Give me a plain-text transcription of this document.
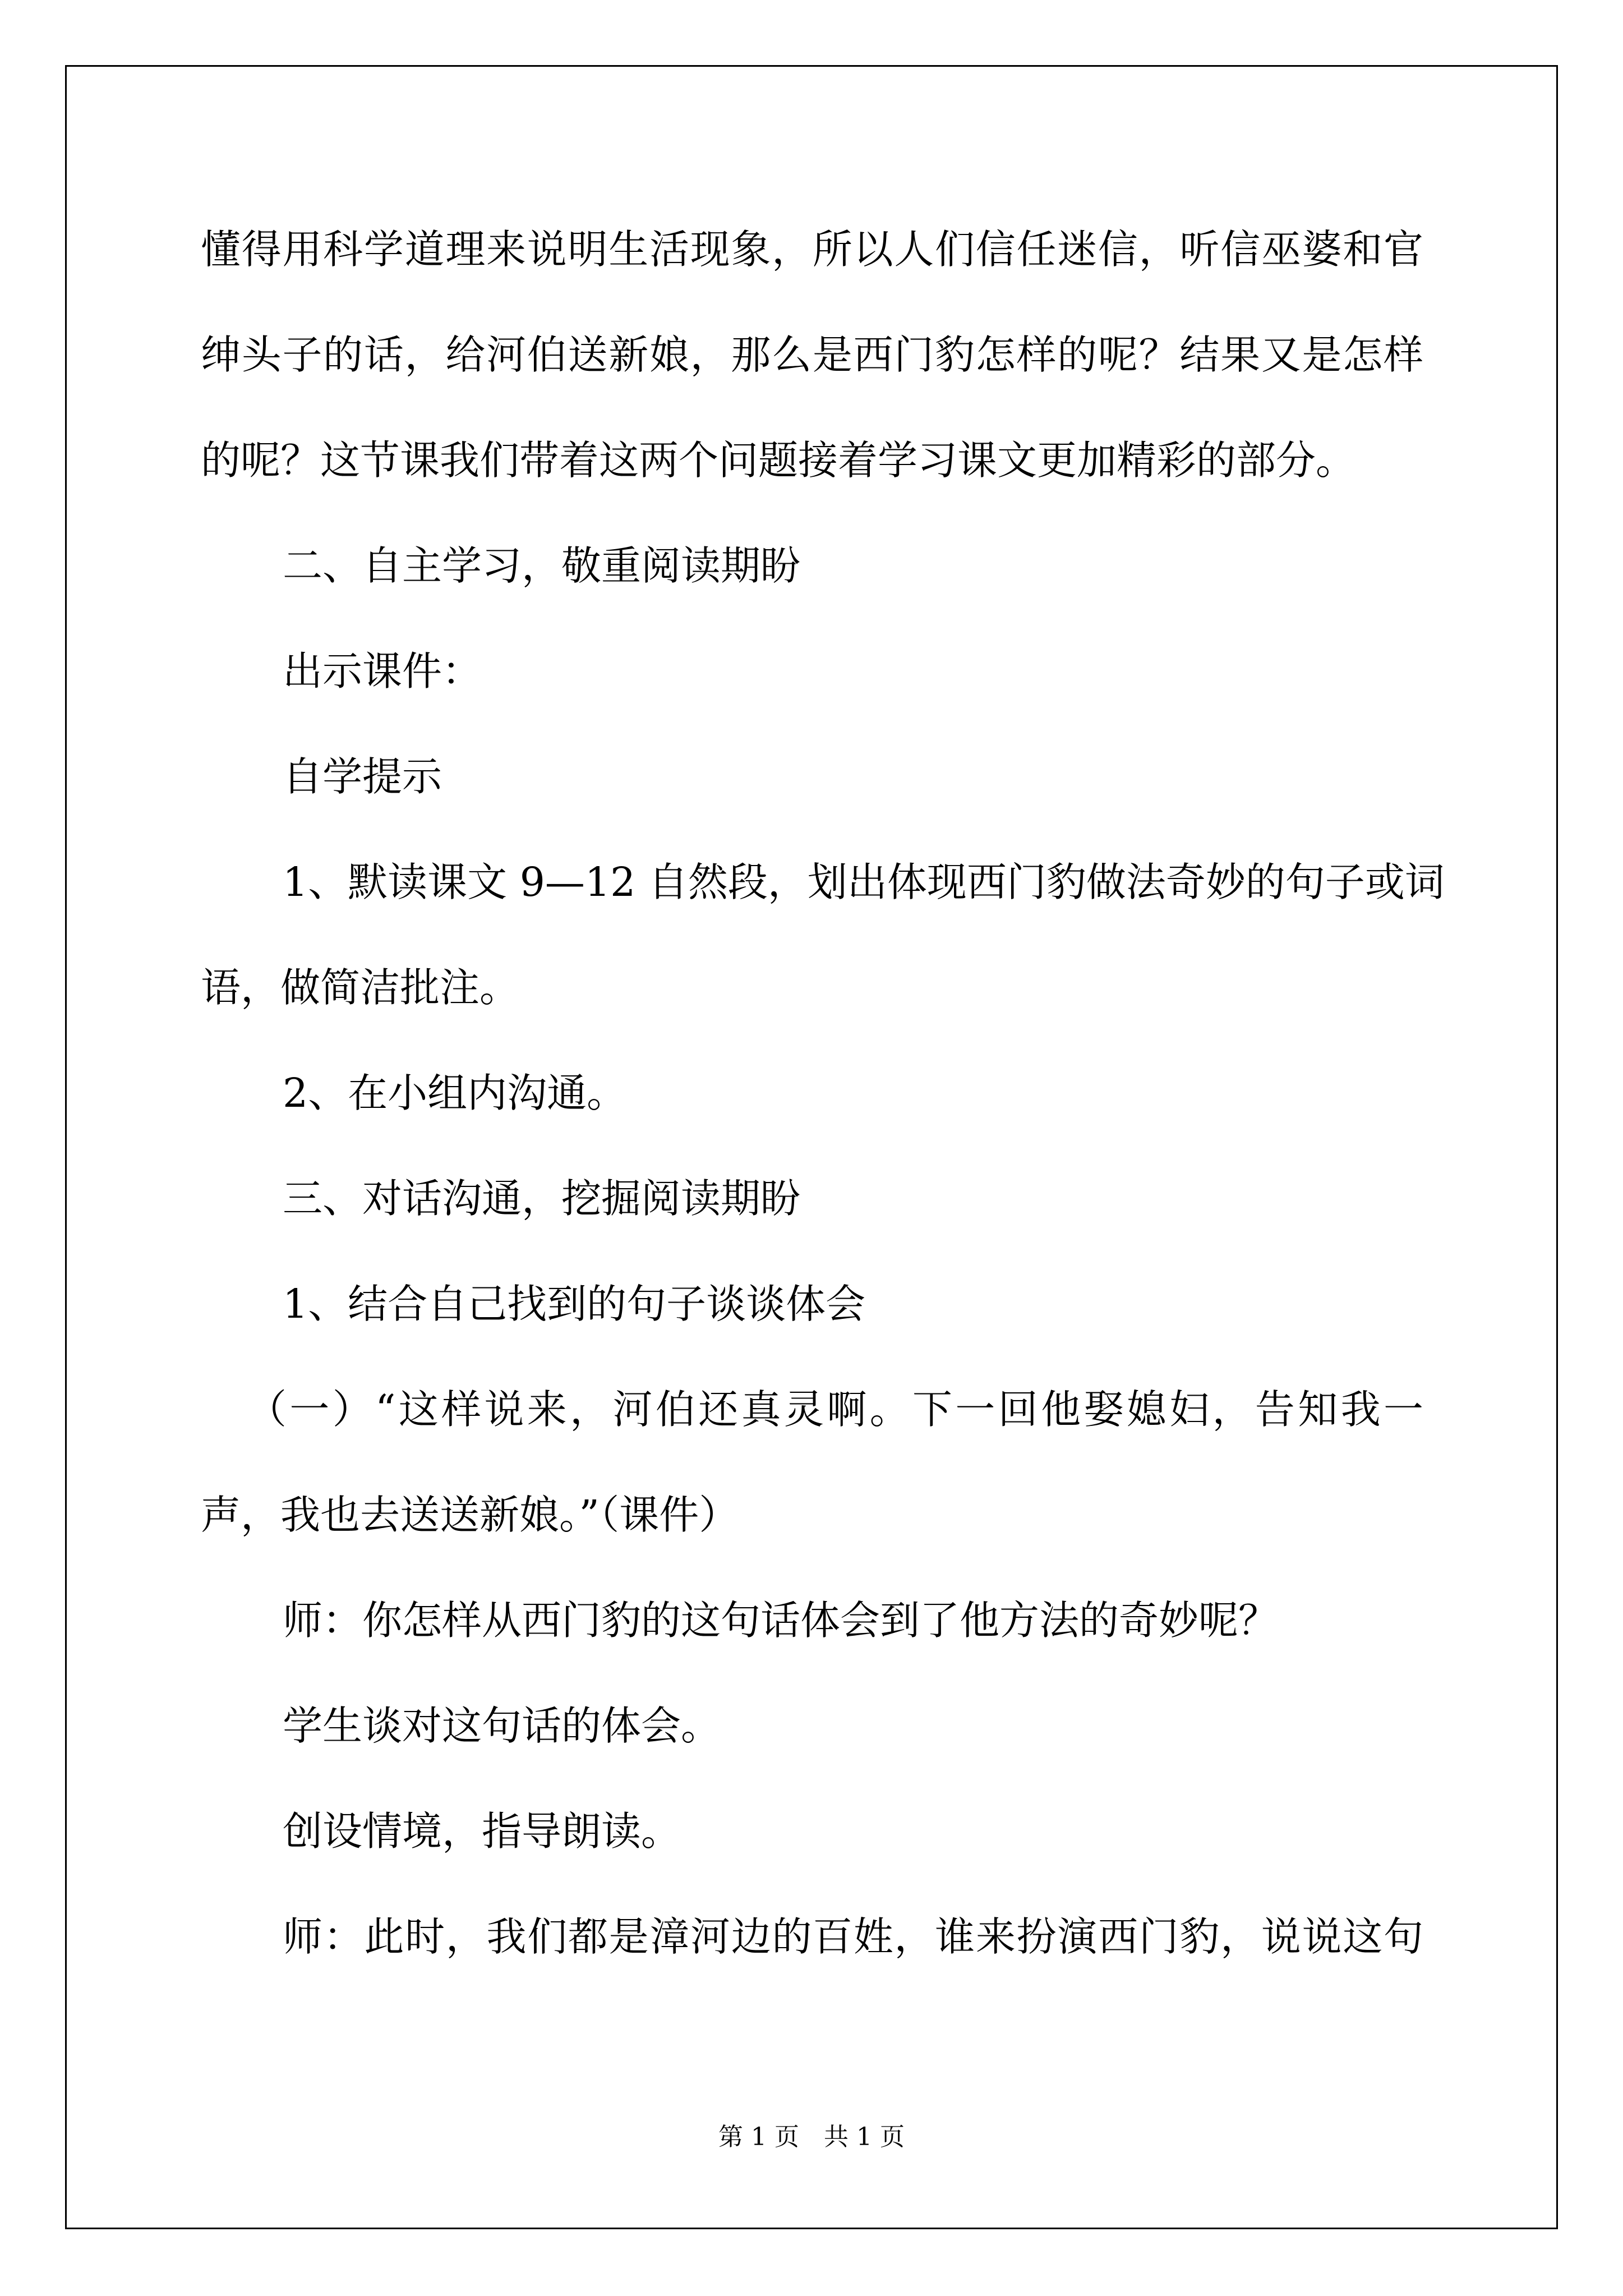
懂得用科学道理来说明生活现象，所以人们信任迷信，听信巫婆和官
绅头子的话，给河伯送新娘，那么是西门豹怎样的呢？结果又是怎样
的呢？这节课我们带着这两个问题接着学习课文更加精彩的部分。
二、自主学习，敬重阅读期盼
出示课件：
自学提示
1、默读课文 9—12 自然段，划出体现西门豹做法奇妙的句子或词
语，做简洁批注。
2、在小组内沟通。
三、对话沟通，挖掘阅读期盼
1、结合自己找到的句子谈谈体会
（一）“这样说来，河伯还真灵啊。下一回他娶媳妇，告知我一
声，我也去送送新娘。”（课件）
师：你怎样从西门豹的这句话体会到了他方法的奇妙呢？
学生谈对这句话的体会。
创设情境，指导朗读。
师：此时，我们都是漳河边的百姓，谁来扮演西门豹，说说这句
第 1 页　共 1 页
